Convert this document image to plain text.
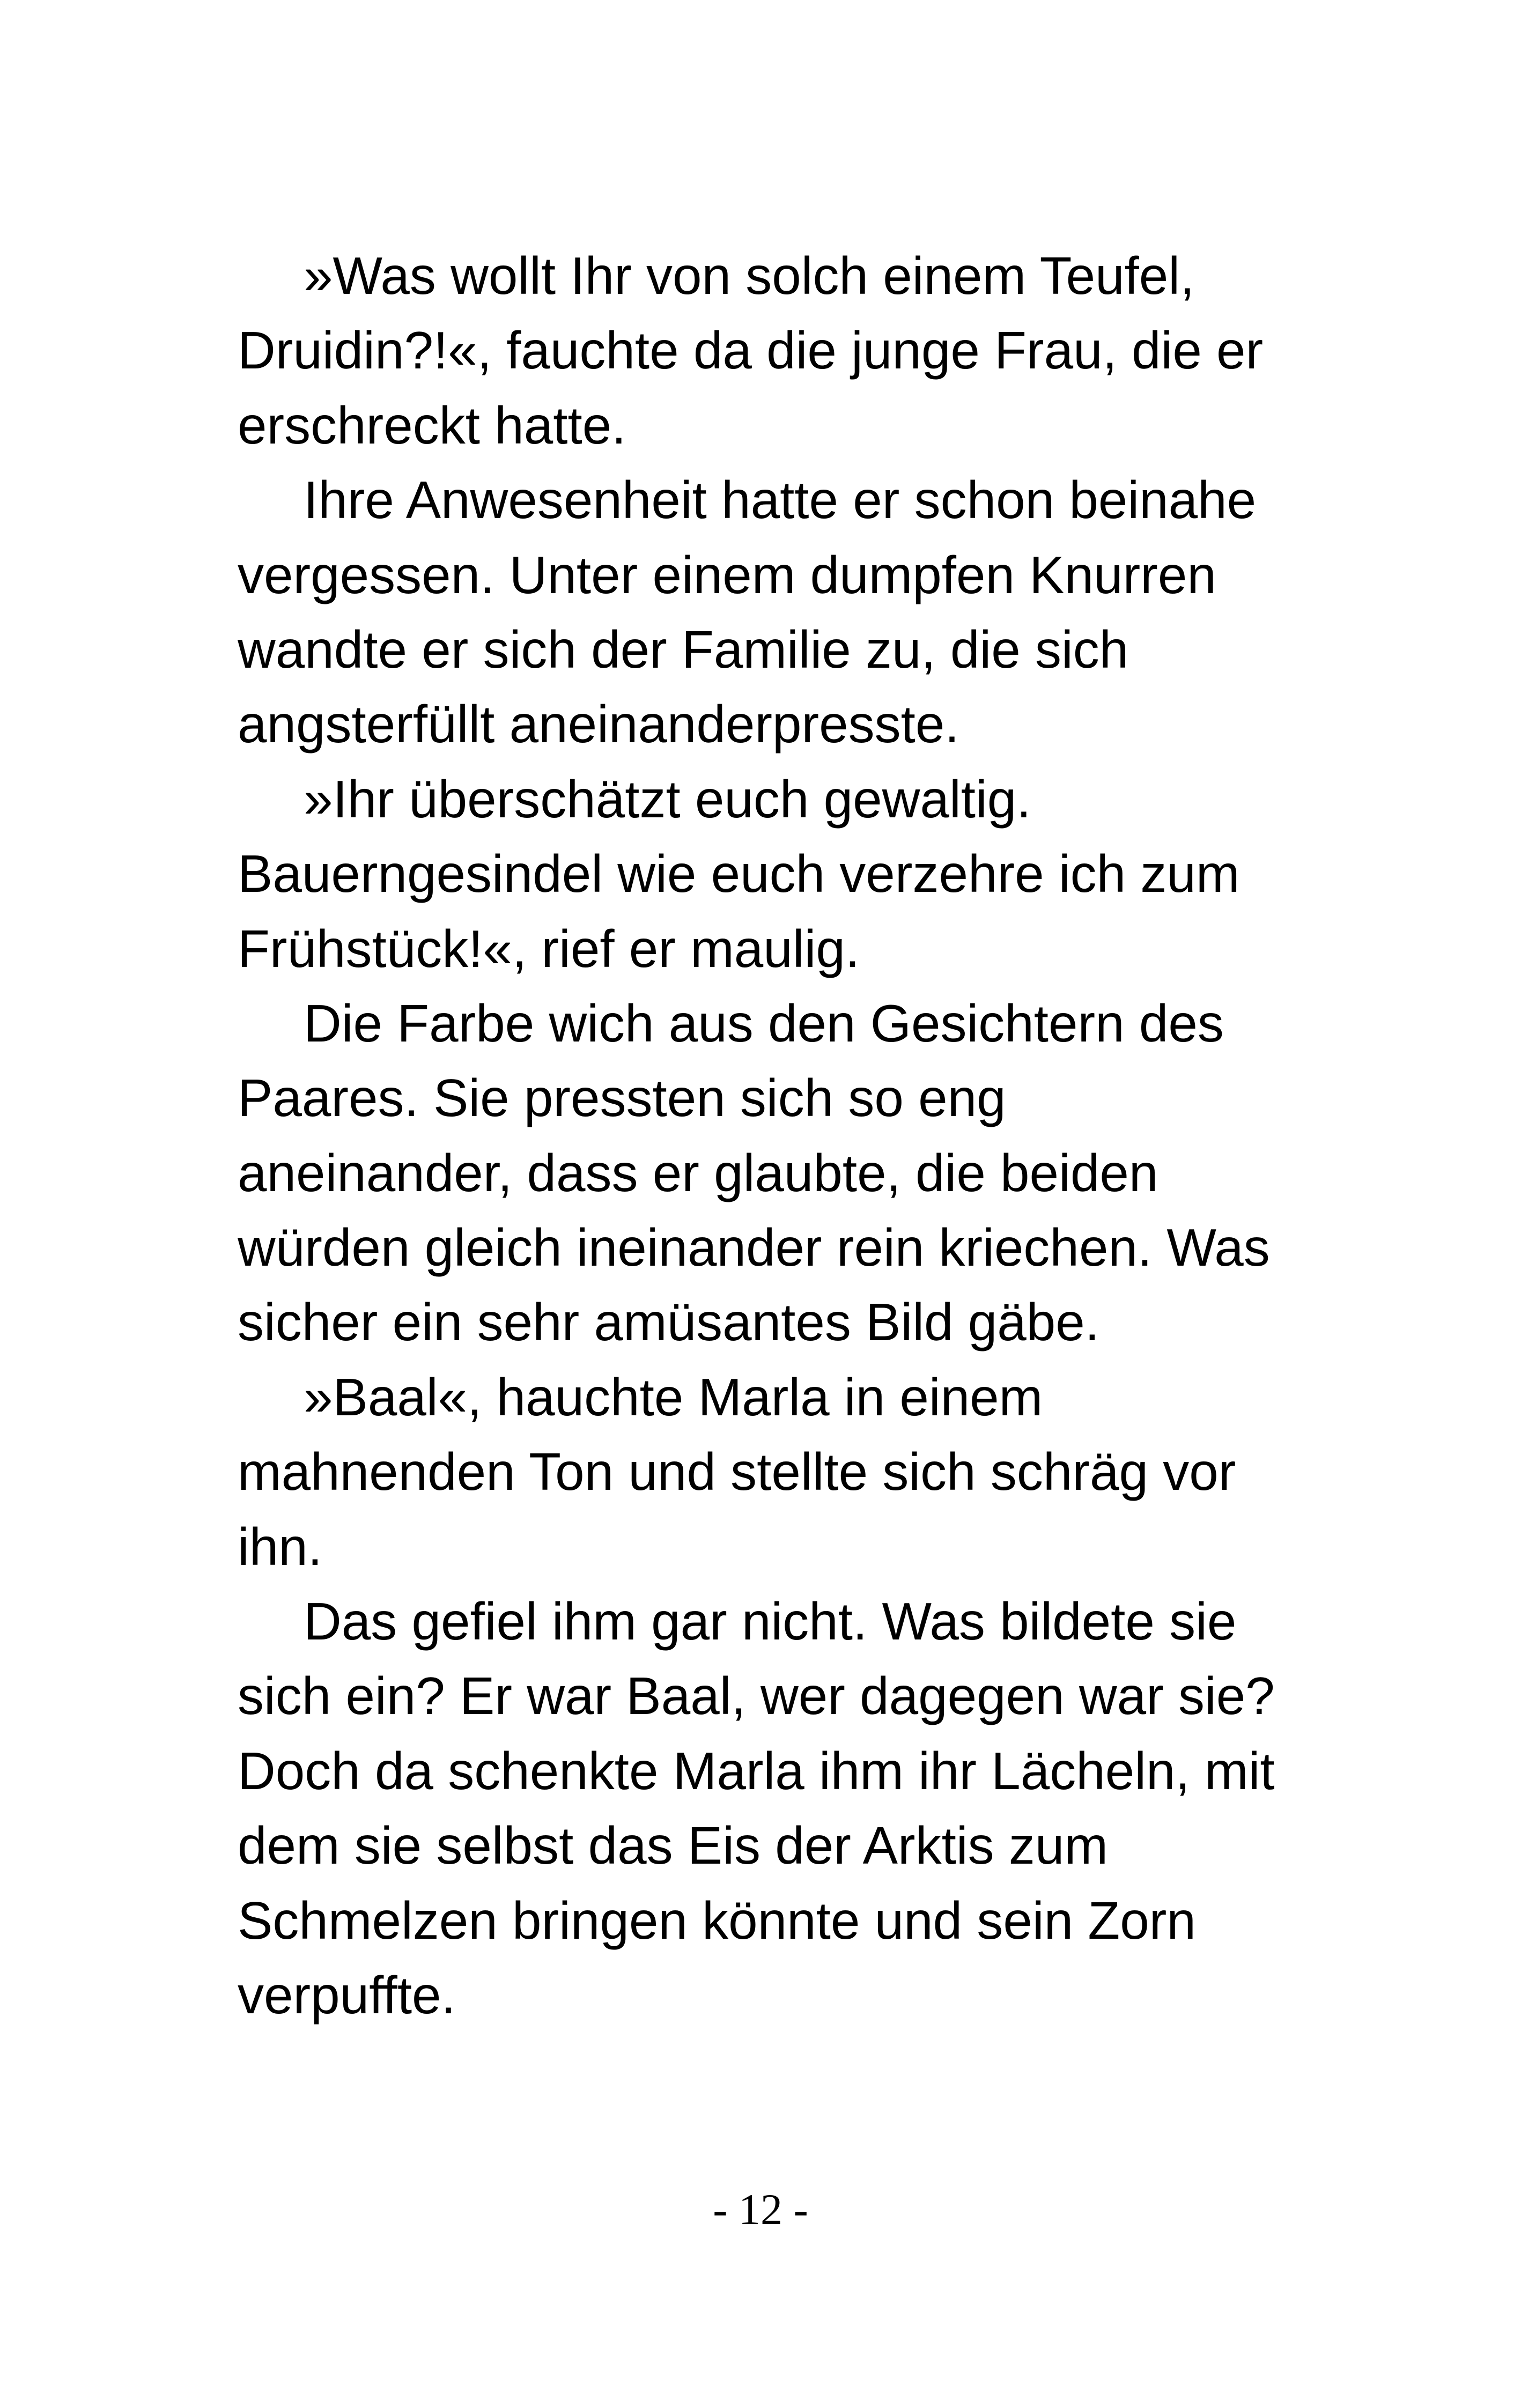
»Was wollt Ihr von solch einem Teufel,
Druidin?!«, fauchte da die junge Frau, die er
erschreckt hatte.
Ihre Anwesenheit hatte er schon beinahe
vergessen. Unter einem dumpfen Knurren
wandte er sich der Familie zu, die sich
angsterfüllt aneinanderpresste.
»Ihr überschätzt euch gewaltig.
Bauerngesindel wie euch verzehre ich zum
Frühstück!«, rief er maulig.
Die Farbe wich aus den Gesichtern des
Paares. Sie pressten sich so eng
aneinander, dass er glaubte, die beiden
würden gleich ineinander rein kriechen. Was
sicher ein sehr amüsantes Bild gäbe.
»Baal«, hauchte Marla in einem
mahnenden Ton und stellte sich schräg vor
ihn.
Das gefiel ihm gar nicht. Was bildete sie
sich ein? Er war Baal, wer dagegen war sie?
Doch da schenkte Marla ihm ihr Lächeln, mit
dem sie selbst das Eis der Arktis zum
Schmelzen bringen könnte und sein Zorn
verpuffte.
- 12 -
